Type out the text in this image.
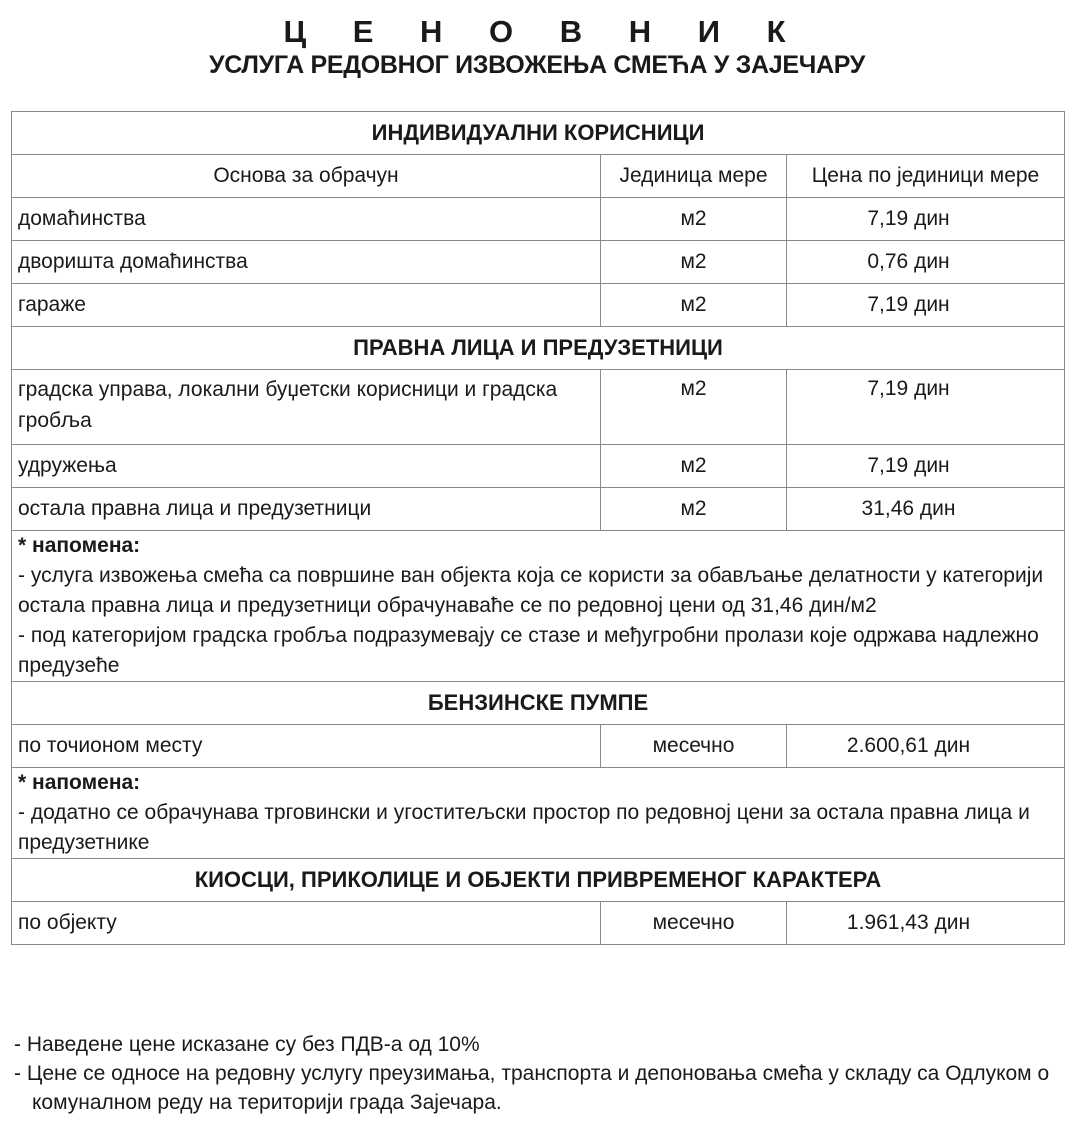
Ц Е Н О В Н И К
УСЛУГА РЕДОВНОГ ИЗВОЖЕЊА СМЕЋА У ЗАЈЕЧАРУ
ИНДИВИДУАЛНИ КОРИСНИЦИ		
Основа за обрачун	Јединица мере	Цена по јединици мере
домаћинства	м2	7,19 дин
дворишта домаћинства	м2	0,76 дин
гараже	м2	7,19 дин
ПРАВНА ЛИЦА И ПРЕДУЗЕТНИЦИ		
градска управа, локални буџетски корисници и градска гробља	м2	7,19 дин
удружења	м2	7,19 дин
остала правна лица и предузетници	м2	31,46 дин

* напомена:
- услуга извожења смећа са површине ван објекта која се користи за обављање делатности у категорији остала правна лица и предузетници обрачунаваће се по редовној цени од 31,46 дин/м2
- под категоријом градска гробља подразумевају се стазе и међугробни пролази које одржава надлежно предузеће		

БЕНЗИНСКЕ ПУМПЕ		
по точионом месту	месечно	2.600,61 дин

* напомена:
- додатно се обрачунава трговински и угоститељски простор по редовној цени за остала правна лица и предузетнике		

КИОСЦИ, ПРИКОЛИЦЕ И ОБЈЕКТИ ПРИВРЕМЕНОГ КАРАКТЕРА		
по објекту	месечно	1.961,43 дин
- Наведене цене исказане су без ПДВ-а од 10%
- Цене се односе на редовну услугу преузимања, транспорта и депоновања смећа у складу са Одлуком о комуналном реду на територији града Зајечара.
